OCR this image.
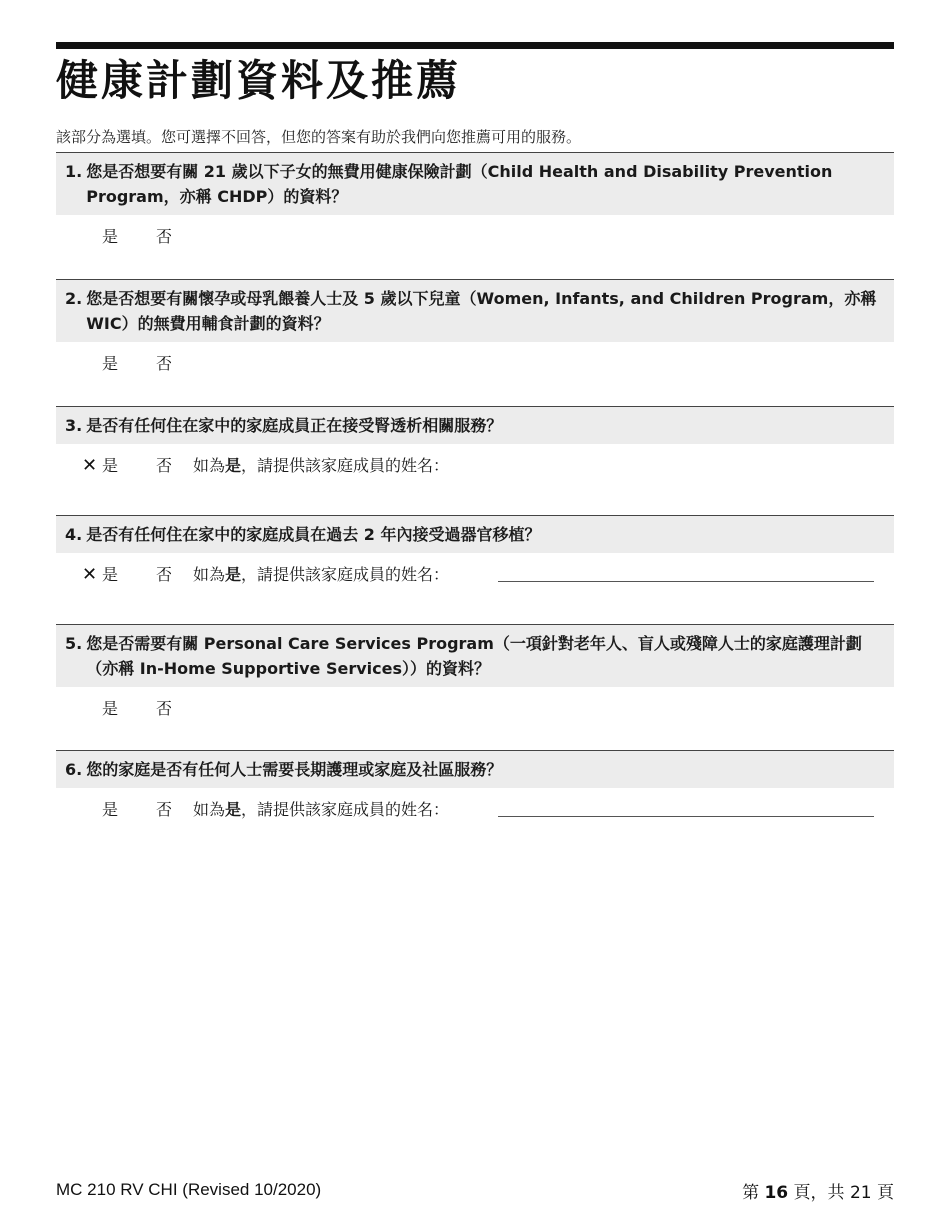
健康計劃資料及推薦
該部分為選填。您可選擇不回答，但您的答案有助於我們向您推薦可用的服務。
1. 您是否想要有關 21 歲以下子女的無費用健康保險計劃（Child Health and Disability Prevention Program，亦稱 CHDP）的資料？
是 否
2. 您是否想要有關懷孕或母乳餵養人士及 5 歲以下兒童（Women, Infants, and Children Program，亦稱 WIC）的無費用輔食計劃的資料？
是 否
3. 是否有任何住在家中的家庭成員正在接受腎透析相關服務？
✕ 是 否 如為是，請提供該家庭成員的姓名：
4. 是否有任何住在家中的家庭成員在過去 2 年內接受過器官移植？
✕ 是 否 如為是，請提供該家庭成員的姓名：
5. 您是否需要有關 Personal Care Services Program（一項針對老年人、盲人或殘障人士的家庭護理計劃（亦稱 In-Home Supportive Services））的資料？
是 否
6. 您的家庭是否有任何人士需要長期護理或家庭及社區服務？
是 否 如為是，請提供該家庭成員的姓名：
MC 210 RV CHI (Revised 10/2020)	第 16 頁，共 21 頁
